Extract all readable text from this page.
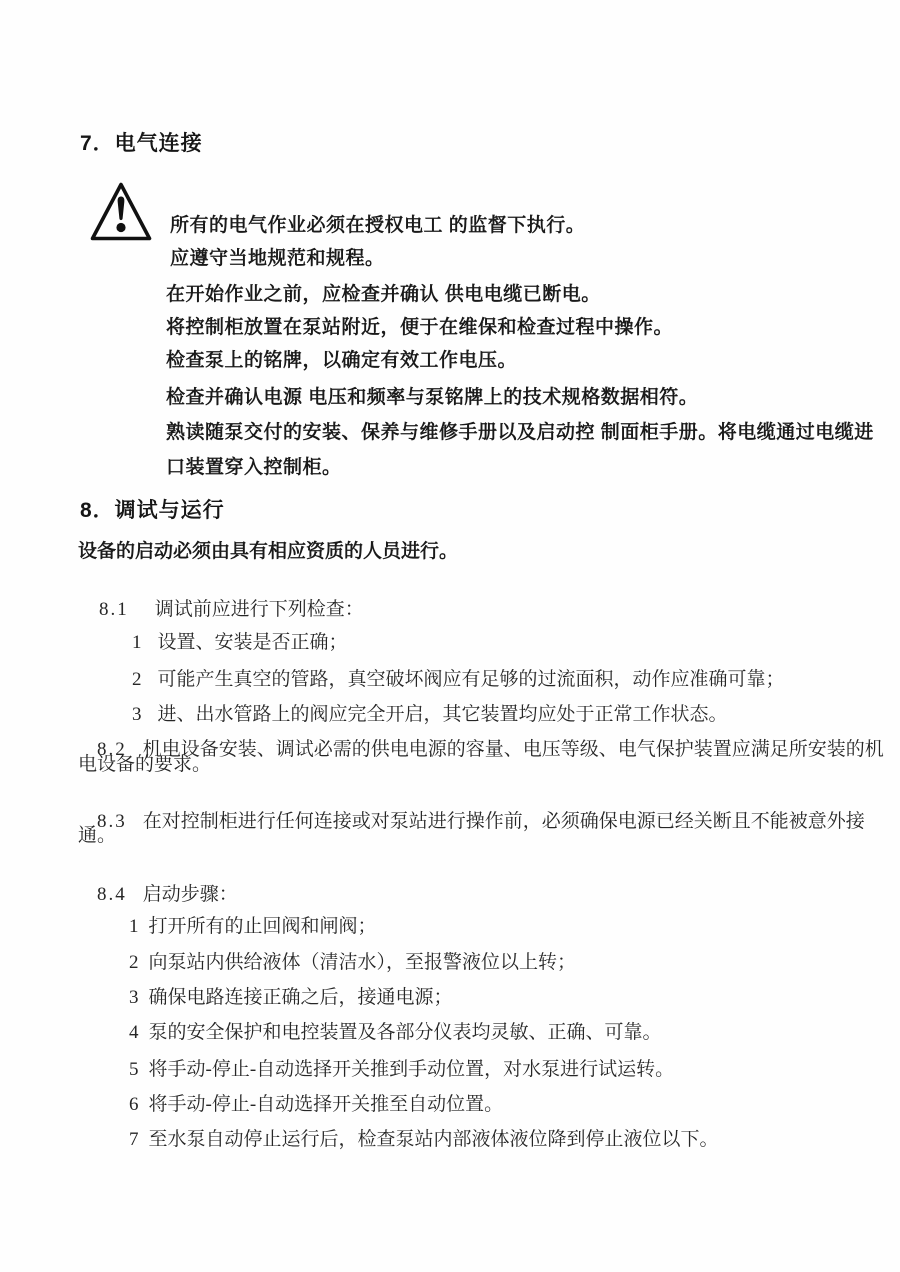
7．电气连接
所有的电气作业必须在授权电工 的监督下执行。
应遵守当地规范和规程。
在开始作业之前，应检查并确认 供电电缆已断电。
将控制柜放置在泵站附近，便于在维保和检查过程中操作。
检查泵上的铭牌，以确定有效工作电压。
检查并确认电源 电压和频率与泵铭牌上的技术规格数据相符。
熟读随泵交付的安装、保养与维修手册以及启动控 制面柜手册。将电缆通过电缆进
口装置穿入控制柜。
8．调试与运行
设备的启动必须由具有相应资质的人员进行。

8.1 调试前应进行下列检查：

1 设置、安装是否正确；

2 可能产生真空的管路，真空破坏阀应有足够的过流面积，动作应准确可靠；

3 进、出水管路上的阀应完全开启，其它装置均应处于正常工作状态。

8.2 机电设备安装、调试必需的供电电源的容量、电压等级、电气保护装置应满足所安装的机

电设备的要求。

8.3 在对控制柜进行任何连接或对泵站进行操作前，必须确保电源已经关断且不能被意外接

通。

8.4 启动步骤：

1 打开所有的止回阀和闸阀；

2 向泵站内供给液体（清洁水），至报警液位以上转；

3 确保电路连接正确之后，接通电源；

4 泵的安全保护和电控装置及各部分仪表均灵敏、正确、可靠。

5 将手动-停止-自动选择开关推到手动位置，对水泵进行试运转。

6 将手动-停止-自动选择开关推至自动位置。

7 至水泵自动停止运行后，检查泵站内部液体液位降到停止液位以下。
